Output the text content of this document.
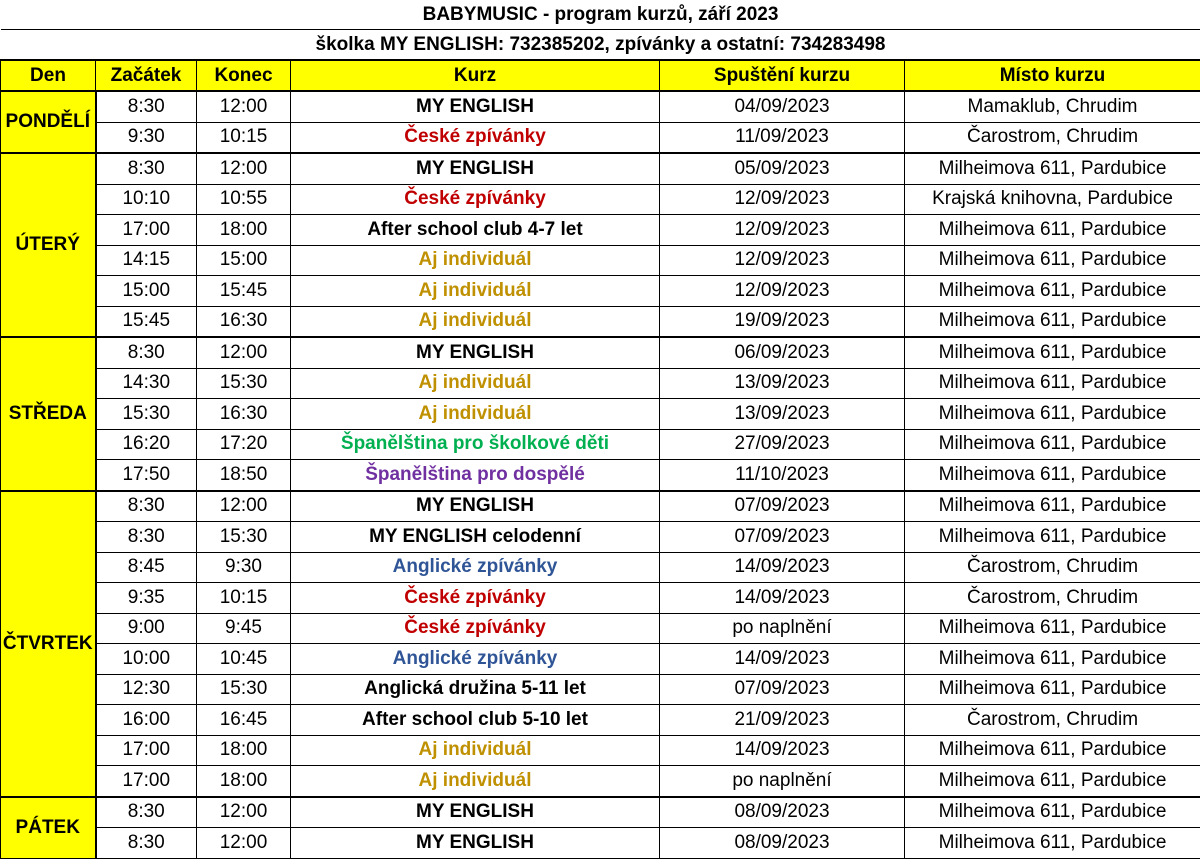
BABYMUSIC - program kurzů, září 2023					
školka MY ENGLISH: 732385202, zpívánky a ostatní: 734283498					
Den	Začátek	Konec	Kurz	Spuštění kurzu	Místo kurzu
PONDĚLÍ	8:30	12:00	MY ENGLISH	04/09/2023	Mamaklub, Chrudim
	9:30	10:15	České zpívánky	11/09/2023	Čarostrom, Chrudim
ÚTERÝ	8:30	12:00	MY ENGLISH	05/09/2023	Milheimova 611, Pardubice
	10:10	10:55	České zpívánky	12/09/2023	Krajská knihovna, Pardubice
	17:00	18:00	After school club 4-7 let	12/09/2023	Milheimova 611, Pardubice
	14:15	15:00	Aj individuál	12/09/2023	Milheimova 611, Pardubice
	15:00	15:45	Aj individuál	12/09/2023	Milheimova 611, Pardubice
	15:45	16:30	Aj individuál	19/09/2023	Milheimova 611, Pardubice
STŘEDA	8:30	12:00	MY ENGLISH	06/09/2023	Milheimova 611, Pardubice
	14:30	15:30	Aj individuál	13/09/2023	Milheimova 611, Pardubice
	15:30	16:30	Aj individuál	13/09/2023	Milheimova 611, Pardubice
	16:20	17:20	Španělština pro školkové děti	27/09/2023	Milheimova 611, Pardubice
	17:50	18:50	Španělština pro dospělé	11/10/2023	Milheimova 611, Pardubice
ČTVRTEK	8:30	12:00	MY ENGLISH	07/09/2023	Milheimova 611, Pardubice
	8:30	15:30	MY ENGLISH celodenní	07/09/2023	Milheimova 611, Pardubice
	8:45	9:30	Anglické zpívánky	14/09/2023	Čarostrom, Chrudim
	9:35	10:15	České zpívánky	14/09/2023	Čarostrom, Chrudim
	9:00	9:45	České zpívánky	po naplnění	Milheimova 611, Pardubice
	10:00	10:45	Anglické zpívánky	14/09/2023	Milheimova 611, Pardubice
	12:30	15:30	Anglická družina 5-11 let	07/09/2023	Milheimova 611, Pardubice
	16:00	16:45	After school club 5-10 let	21/09/2023	Čarostrom, Chrudim
	17:00	18:00	Aj individuál	14/09/2023	Milheimova 611, Pardubice
	17:00	18:00	Aj individuál	po naplnění	Milheimova 611, Pardubice
PÁTEK	8:30	12:00	MY ENGLISH	08/09/2023	Milheimova 611, Pardubice
	8:30	12:00	MY ENGLISH	08/09/2023	Milheimova 611, Pardubice
